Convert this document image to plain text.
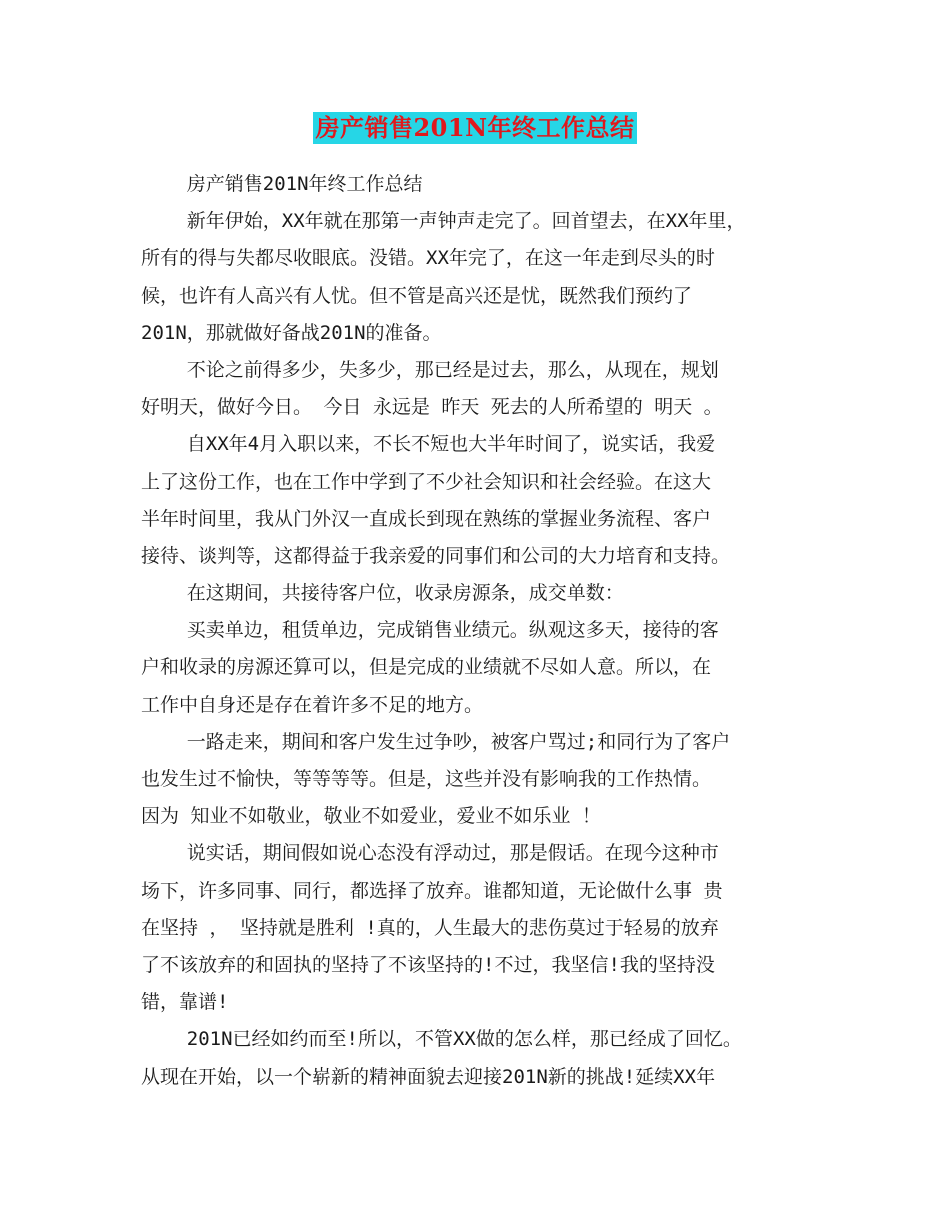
房产销售201N年终工作总结
房产销售201N年终工作总结
新年伊始，XX年就在那第一声钟声走完了。回首望去，在XX年里，
所有的得与失都尽收眼底。没错。XX年完了，在这一年走到尽头的时
候，也许有人高兴有人忧。但不管是高兴还是忧，既然我们预约了
201N，那就做好备战201N的准备。
不论之前得多少，失多少，那已经是过去，那么，从现在，规划
好明天，做好今日。 今日 永远是 昨天 死去的人所希望的 明天 。
自XX年4月入职以来，不长不短也大半年时间了，说实话，我爱
上了这份工作，也在工作中学到了不少社会知识和社会经验。在这大
半年时间里，我从门外汉一直成长到现在熟练的掌握业务流程、客户
接待、谈判等，这都得益于我亲爱的同事们和公司的大力培育和支持。
在这期间，共接待客户位，收录房源条，成交单数：
买卖单边，租赁单边，完成销售业绩元。纵观这多天，接待的客
户和收录的房源还算可以，但是完成的业绩就不尽如人意。所以，在
工作中自身还是存在着许多不足的地方。
一路走来，期间和客户发生过争吵，被客户骂过;和同行为了客户
也发生过不愉快，等等等等。但是，这些并没有影响我的工作热情。
因为 知业不如敬业，敬业不如爱业，爱业不如乐业 ！
说实话，期间假如说心态没有浮动过，那是假话。在现今这种市
场下，许多同事、同行，都选择了放弃。谁都知道，无论做什么事 贵
在坚持 ， 坚持就是胜利 !真的，人生最大的悲伤莫过于轻易的放弃
了不该放弃的和固执的坚持了不该坚持的!不过，我坚信!我的坚持没
错，靠谱!
201N已经如约而至!所以，不管XX做的怎么样，那已经成了回忆。
从现在开始，以一个崭新的精神面貌去迎接201N新的挑战!延续XX年
